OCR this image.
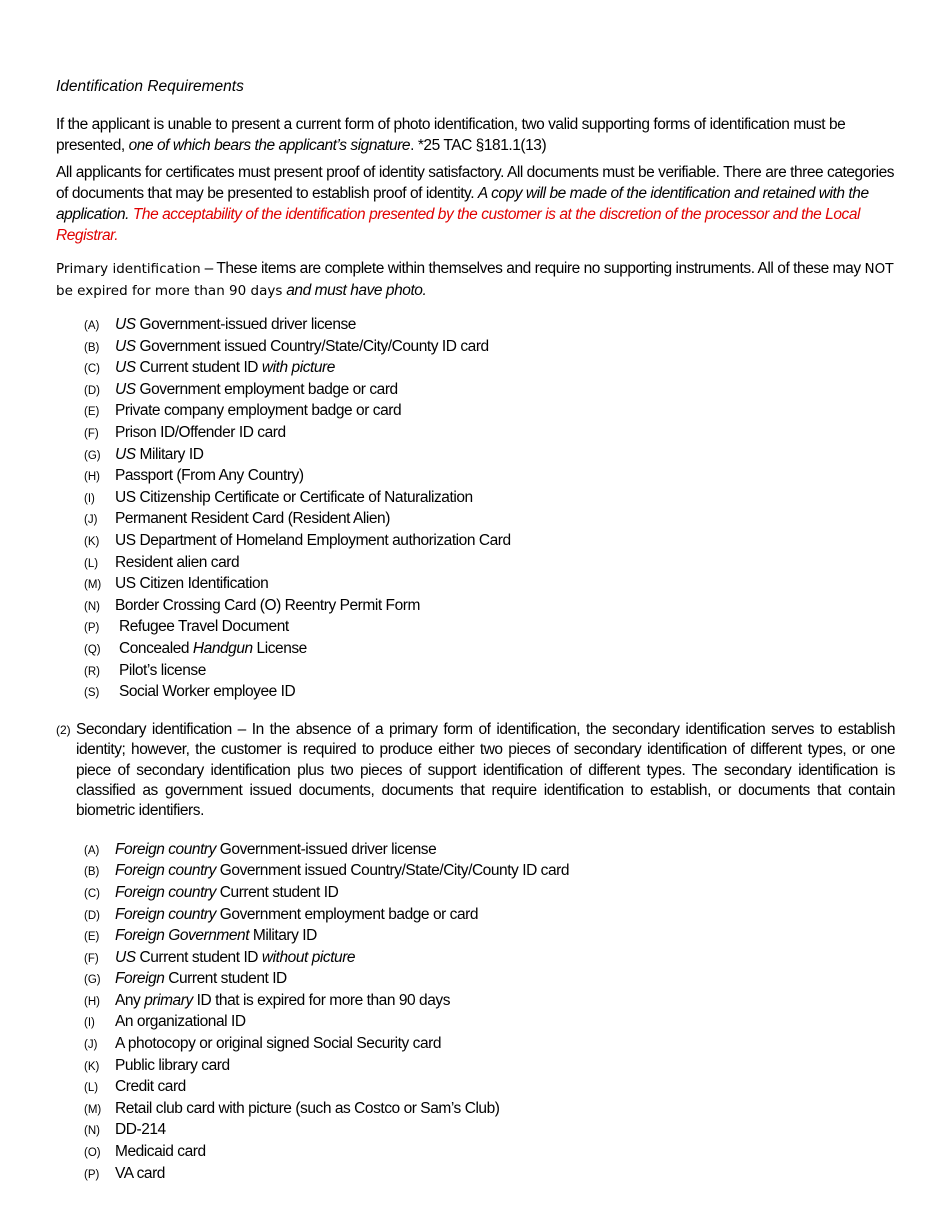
Identification Requirements

If the applicant is unable to present a current form of photo identification, two valid supporting forms of identification must be presented, one of which bears the applicant’s signature. *25 TAC §181.1(13)

All applicants for certificates must present proof of identity satisfactory. All documents must be verifiable. There are three categories of documents that may be presented to establish proof of identity. A copy will be made of the identification and retained with the application. The acceptability of the identification presented by the customer is at the discretion of the processor and the Local Registrar.

Primary identification – These items are complete within themselves and require no supporting instruments. All of these may NOT be expired for more than 90 days and must have photo.

(A)	US Government-issued driver license
(B)	US Government issued Country/State/City/County ID card
(C) US Current student ID with picture
(D) US Government employment badge or card
(E)	Private company employment badge or card
(F)	Prison ID/Offender ID card
(G) US Military ID
(H) Passport (From Any Country)
(I)	US Citizenship Certificate or Certificate of Naturalization
(J)	Permanent Resident Card (Resident Alien)
(K)	US Department of Homeland Employment authorization Card
(L)	Resident alien card
(M) US Citizen Identification
(N) Border Crossing Card (O) Reentry Permit Form
(P)	Refugee Travel Document
(Q)	Concealed Handgun License
(R)	Pilot’s license
(S)	Social Worker employee ID
(2) Secondary identification – In the absence of a primary form of identification, the secondary identification serves to establish identity; however, the customer is required to produce either two pieces of secondary identification of different types, or one piece of secondary identification plus two pieces of support identification of different types. The secondary identification is classified as government issued documents, documents that require identification to establish, or documents that contain biometric identifiers.

(A)	Foreign country Government-issued driver license
(B)	Foreign country Government issued Country/State/City/County ID card
(C) Foreign country Current student ID
(D) Foreign country Government employment badge or card
(E)	Foreign Government Military ID
(F)	US Current student ID without picture
(G) Foreign Current student ID
(H) Any primary ID that is expired for more than 90 days
(I)	An organizational ID
(J)	A photocopy or original signed Social Security card
(K)	Public library card
(L)	Credit card
(M) Retail club card with picture (such as Costco or Sam’s Club)
(N) DD-214
(O) Medicaid card
(P)	VA card
